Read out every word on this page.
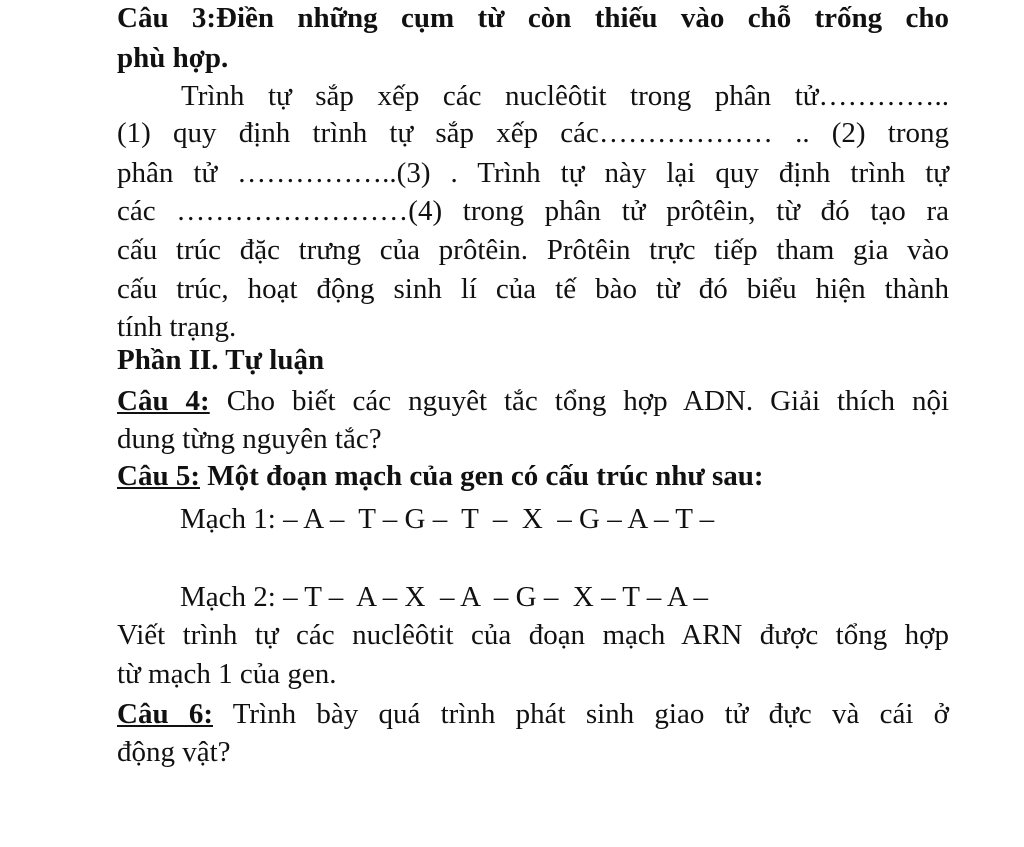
Câu 3:Điền những cụm từ còn thiếu vào chỗ trống cho
phù hợp.
Trình tự sắp xếp các nuclêôtit trong phân tử…………..
(1) quy định trình tự sắp xếp các……………… .. (2) trong
phân tử ……………..(3) . Trình tự này lại quy định trình tự
các ……………………(4) trong phân tử prôtêin, từ đó tạo ra
cấu trúc đặc trưng của prôtêin. Prôtêin trực tiếp tham gia vào
cấu trúc, hoạt động sinh lí của tế bào từ đó biểu hiện thành
tính trạng.
Phần II. Tự luận
Câu 4: Cho biết các nguyêt tắc tổng hợp ADN. Giải thích nội
dung từng nguyên tắc?
Câu 5: Một đoạn mạch của gen có cấu trúc như sau:
Mạch 1: – A –  T – G –  T  –  X  – G – A – T –
Mạch 2: – T –  A – X  – A  – G –  X – T – A –
Viết trình tự các nuclêôtit của đoạn mạch ARN được tổng hợp
từ mạch 1 của gen.
Câu 6: Trình bày quá trình phát sinh giao tử đực và cái ở
động vật?
